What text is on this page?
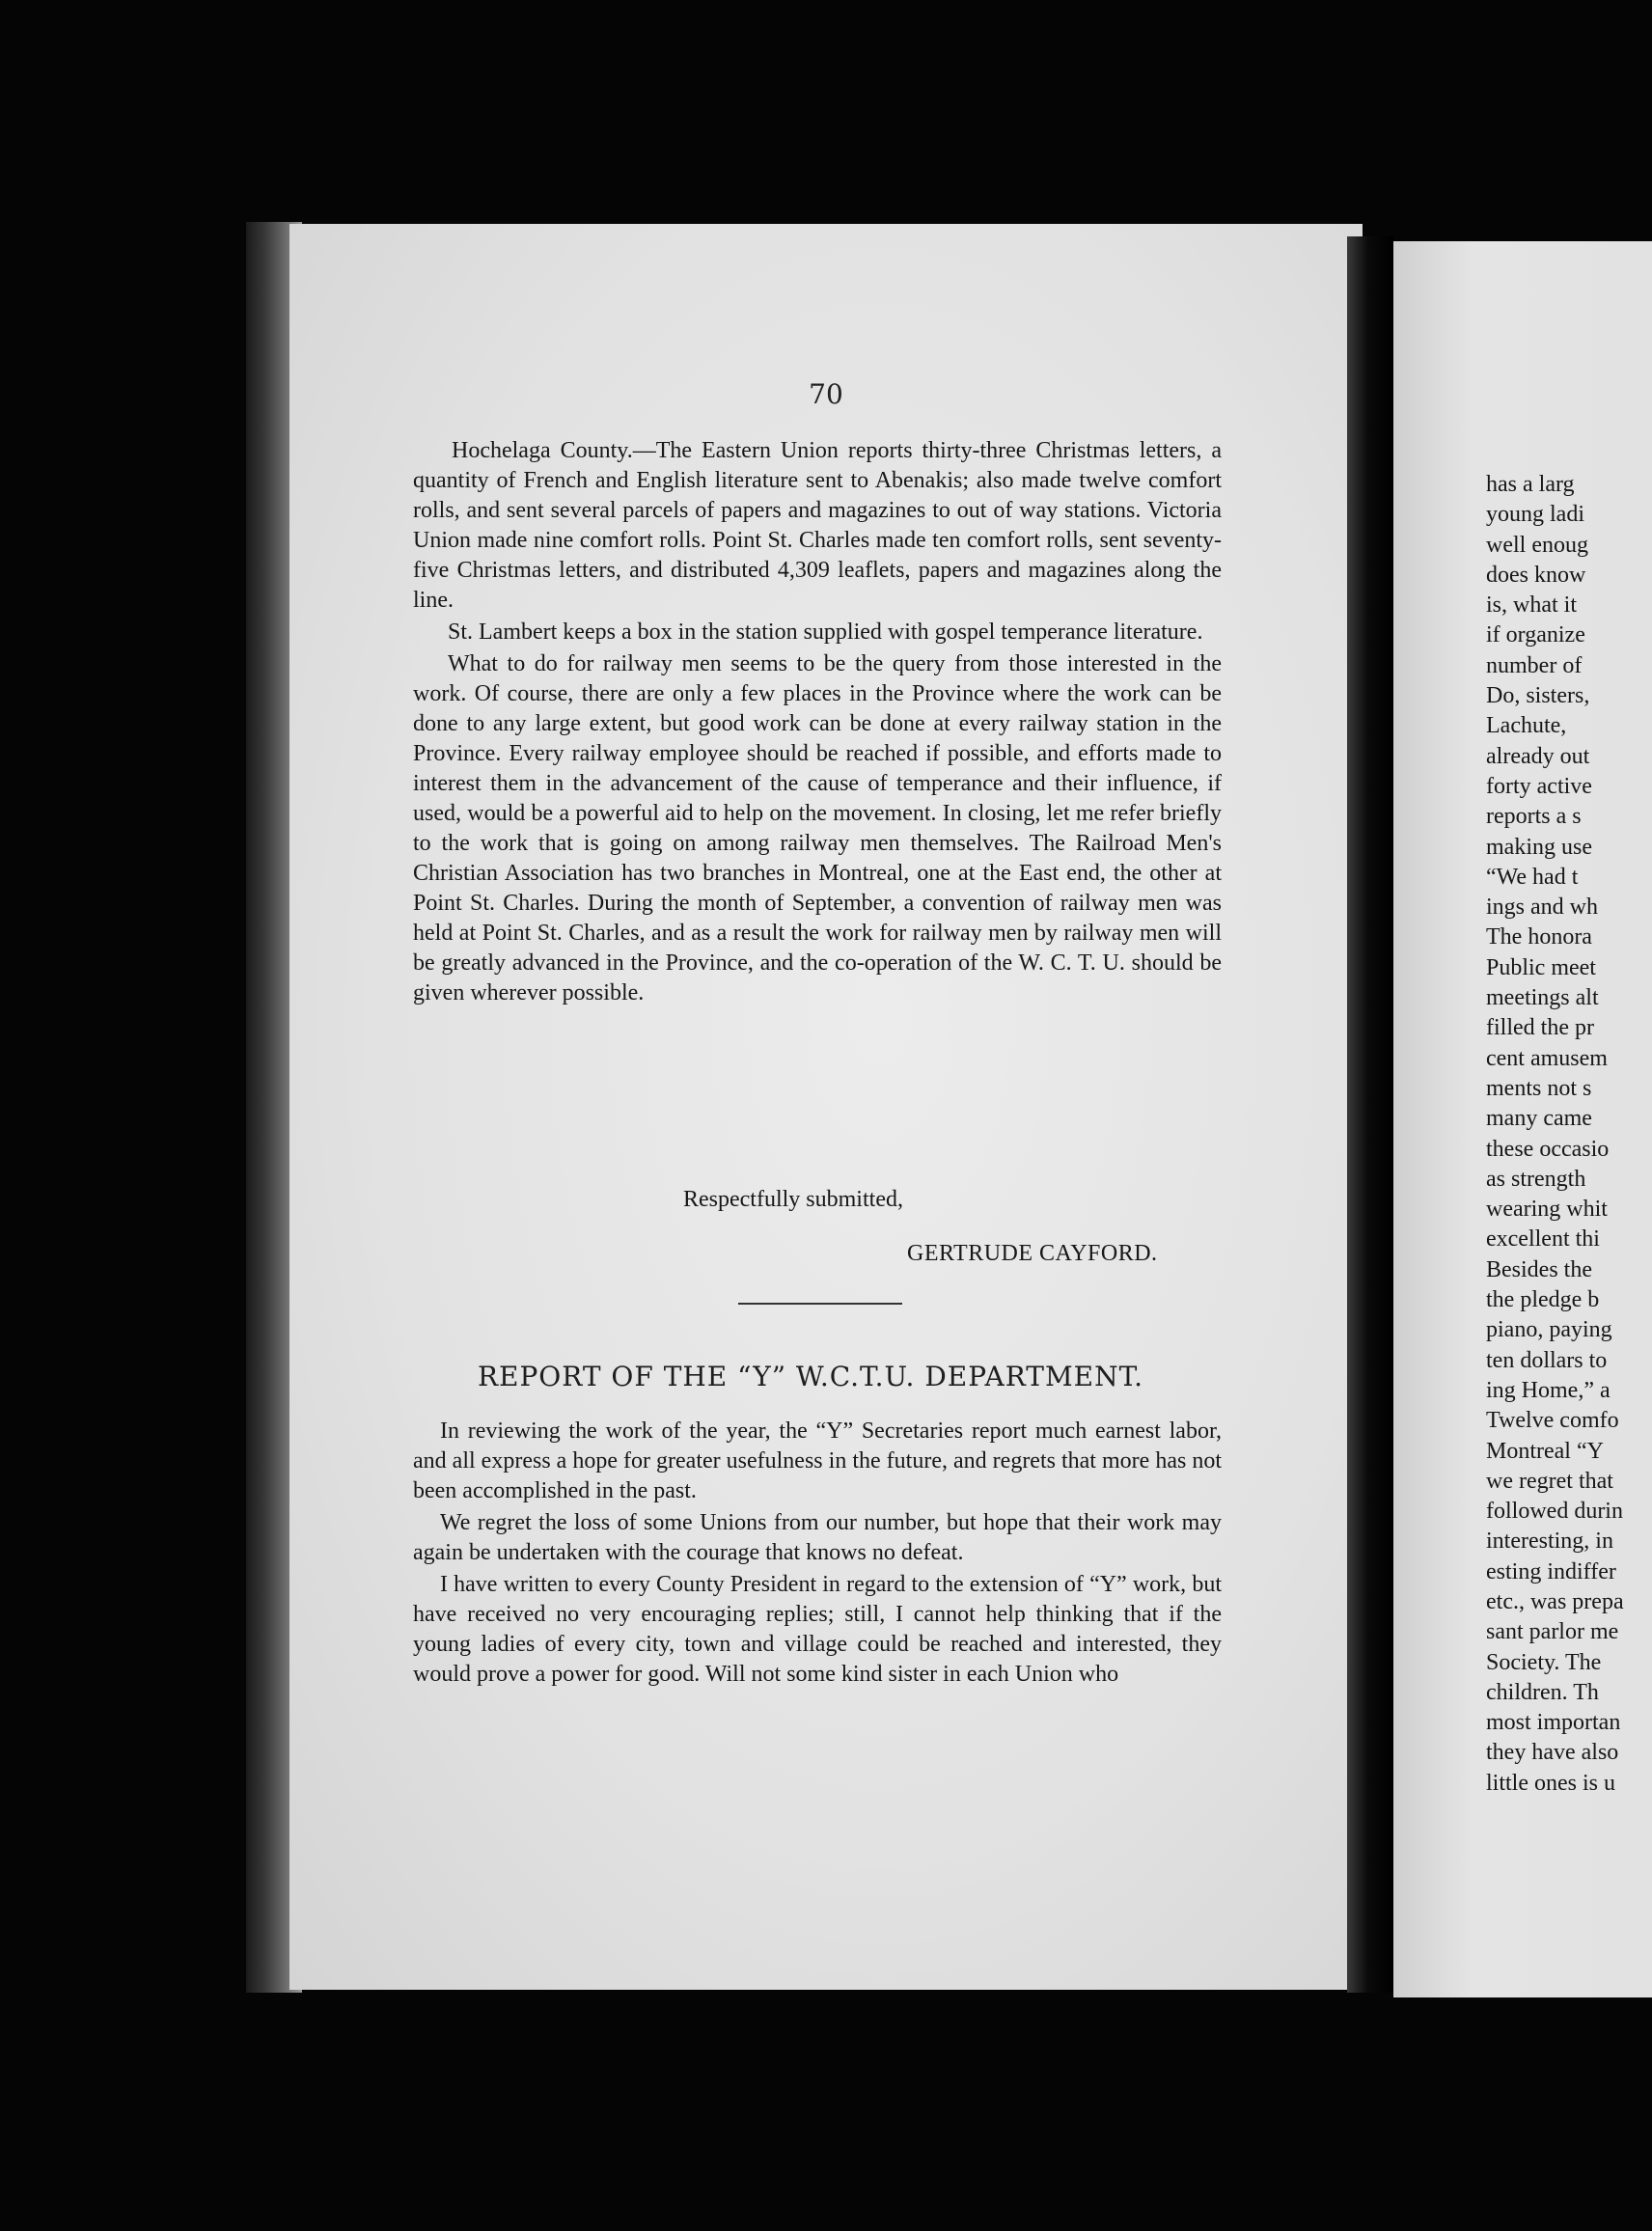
70

Hochelaga County.—The Eastern Union reports thirty-three Christmas letters, a quantity of French and English literature sent to Abenakis; also made twelve comfort rolls, and sent several parcels of papers and magazines to out of way stations. Victoria Union made nine comfort rolls. Point St. Charles made ten comfort rolls, sent seventy-five Christmas letters, and distributed 4,309 leaflets, papers and magazines along the line.

St. Lambert keeps a box in the station supplied with gospel temperance literature.

What to do for railway men seems to be the query from those interested in the work. Of course, there are only a few places in the Province where the work can be done to any large extent, but good work can be done at every railway station in the Province. Every railway employee should be reached if possible, and efforts made to interest them in the advancement of the cause of temperance and their influence, if used, would be a powerful aid to help on the movement. In closing, let me refer briefly to the work that is going on among railway men themselves. The Railroad Men's Christian Association has two branches in Montreal, one at the East end, the other at Point St. Charles. During the month of September, a convention of railway men was held at Point St. Charles, and as a result the work for railway men by railway men will be greatly advanced in the Province, and the co-operation of the W. C. T. U. should be given wherever possible.

Respectfully submitted,
GERTRUDE CAYFORD.
REPORT OF THE “Y” W.C.T.U. DEPARTMENT.

In reviewing the work of the year, the “Y” Secretaries report much earnest labor, and all express a hope for greater usefulness in the future, and regrets that more has not been accomplished in the past.

We regret the loss of some Unions from our number, but hope that their work may again be undertaken with the courage that knows no defeat.

I have written to every County President in regard to the extension of “Y” work, but have received no very encouraging replies; still, I cannot help thinking that if the young ladies of every city, town and village could be reached and interested, they would prove a power for good. Will not some kind sister in each Union who

has a larg
young ladi
well enoug
does know
is, what it
if organize
number of
Do, sisters,
Lachute,
already out
forty active
reports a s
making use
“We had t
ings and wh
The honora
Public meet
meetings alt
filled the pr
cent amusem
ments not s
many came
these occasio
as strength
wearing whit
excellent thi
Besides the
the pledge b
piano, paying
ten dollars to
ing Home,” a
Twelve comfo
Montreal “Y
we regret that
followed durin
interesting, in
esting indiffer
etc., was prepa
sant parlor me
Society. The
children. Th
most importan
they have also
little ones is u
